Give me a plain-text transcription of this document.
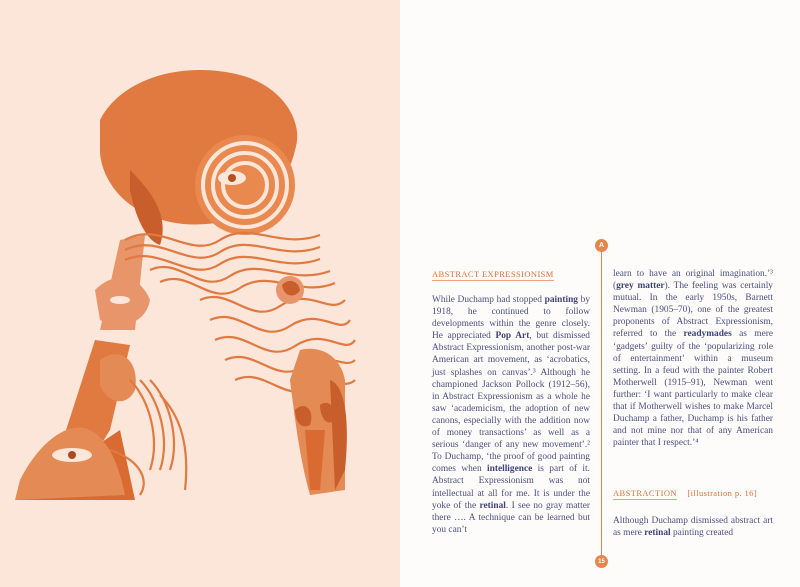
A
15
ABSTRACT EXPRESSIONISM

While Duchamp had stopped painting by 1918, he continued to follow developments within the genre closely. He appreciated Pop Art, but dismissed Abstract Expressionism, another post-war American art movement, as ‘acrobatics, just splashes on canvas’.³ Although he championed Jackson Pollock (1912–56), in Abstract Expressionism as a whole he saw ‘academicism, the adoption of new canons, especially with the addition now of money transactions’ as well as a serious ‘danger of any new movement’.² To Duchamp, ‘the proof of good painting comes when intelligence is part of it. Abstract Expressionism was not intellectual at all for me. It is under the yoke of the retinal. I see no gray matter there …. A technique can be learned but you can’t

learn to have an original imagination.’³ (grey matter). The feeling was certainly mutual. In the early 1950s, Barnett Newman (1905–70), one of the greatest proponents of Abstract Expressionism, referred to the readymades as mere ‘gadgets’ guilty of the ‘popularizing role of entertainment’ within a museum setting. In a feud with the painter Robert Motherwell (1915–91), Newman went further: ‘I want particularly to make clear that if Motherwell wishes to make Marcel Duchamp a father, Duchamp is his father and not mine nor that of any American painter that I respect.’⁴

ABSTRACTION [illustration p. 16]

Although Duchamp dismissed abstract art as mere retinal painting created
